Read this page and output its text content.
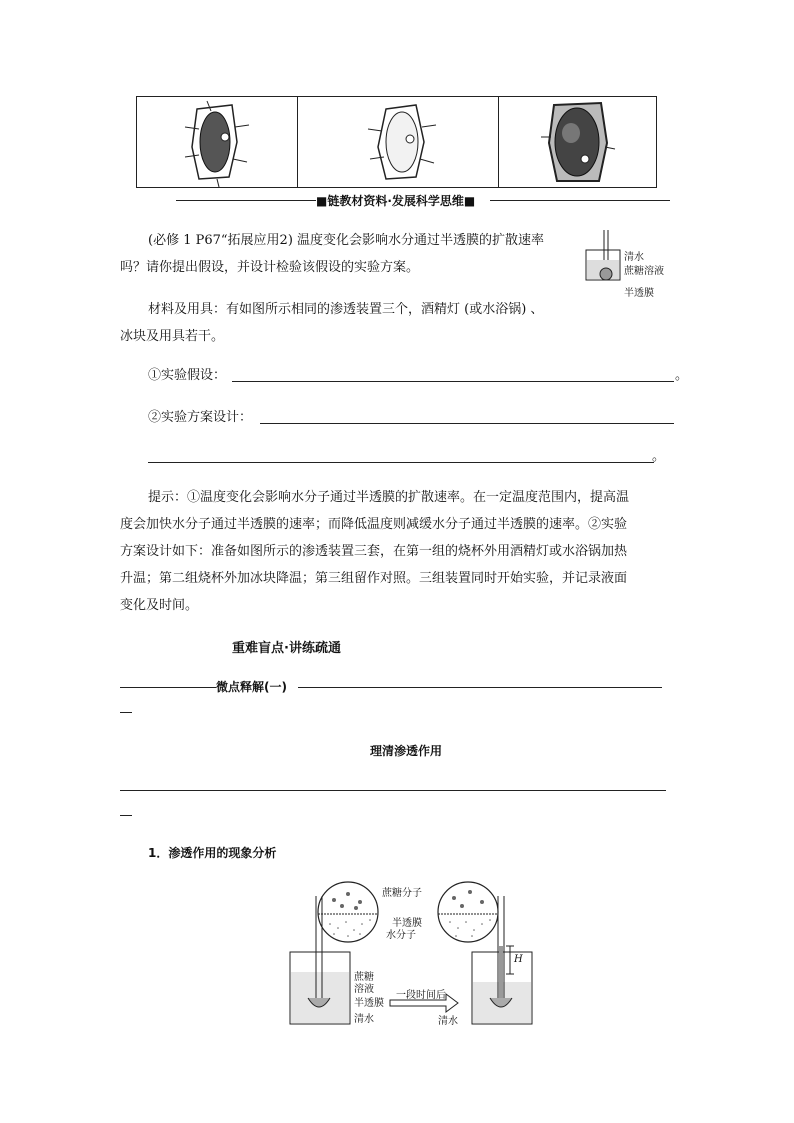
■链教材资料·发展科学思维■
(必修 1 P67“拓展应用2) 温度变化会影响水分通过半透膜的扩散速率
吗？请你提出假设，并设计检验该假设的实验方案。
材料及用具：有如图所示相同的渗透装置三个，酒精灯 (或水浴锅) 、
冰块及用具若干。
清水
蔗糖溶液
半透膜
①实验假设：	。
②实验方案设计：
。
提示：①温度变化会影响水分子通过半透膜的扩散速率。在一定温度范围内，提高温
度会加快水分子通过半透膜的速率；而降低温度则减缓水分子通过半透膜的速率。②实验
方案设计如下：准备如图所示的渗透装置三套，在第一组的烧杯外用酒精灯或水浴锅加热
升温；第二组烧杯外加冰块降温；第三组留作对照。三组装置同时开始实验，并记录液面
变化及时间。
重难盲点·讲练疏通
微点释解(一)
理清渗透作用
1．渗透作用的现象分析
蔗糖分子
半透膜
水分子
蔗糖
溶液
半透膜
清水
一段时间后
清水
H
